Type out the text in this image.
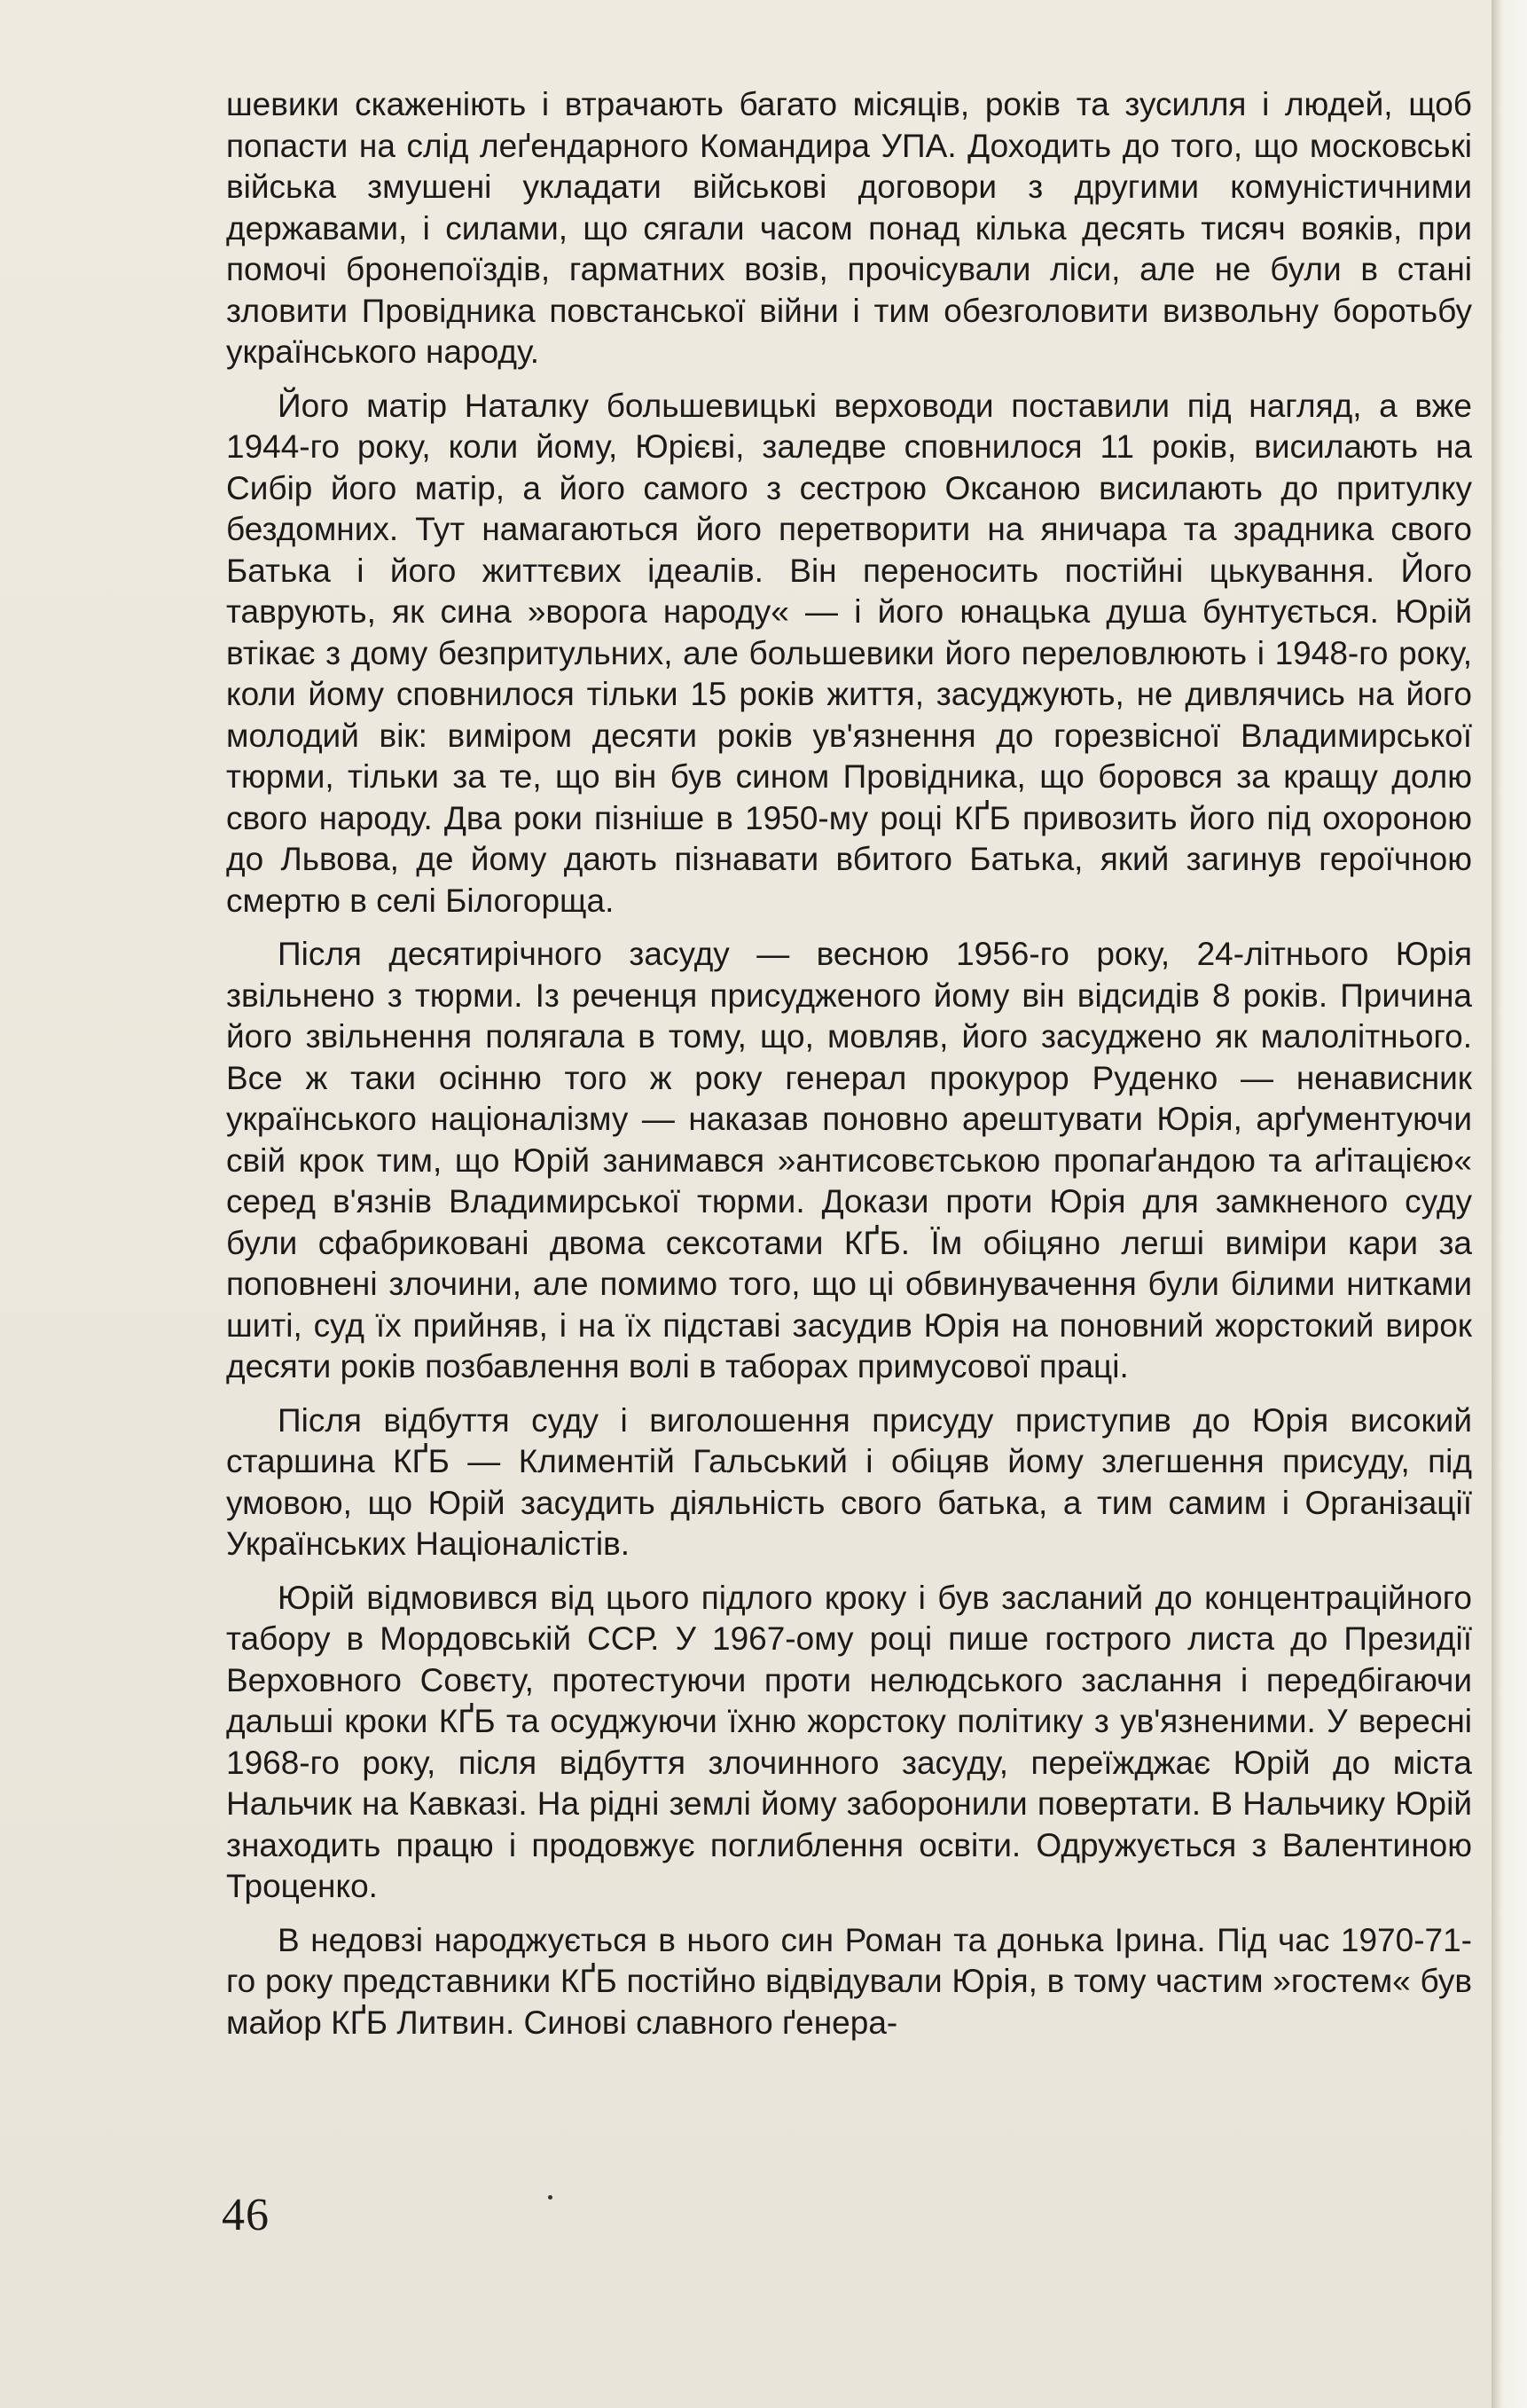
шевики скаженіють і втрачають багато місяців, років та зусилля і людей, щоб попасти на слід леґендарного Командира УПА. Доходить до того, що московські війська змушені укладати військові договори з другими комуністичними державами, і силами, що сягали часом понад кілька десять тисяч вояків, при помочі бронепоїздів, гарматних возів, прочісували ліси, але не були в стані зловити Провідника повстанської війни і тим обезголовити визвольну боротьбу українського народу.

Його матір Наталку большевицькі верховоди поставили під нагляд, а вже 1944-го року, коли йому, Юрієві, заледве сповнилося 11 років, висилають на Сибір його матір, а його самого з сестрою Оксаною висилають до притулку бездомних. Тут намагаються його перетворити на яничара та зрадника свого Батька і його життєвих ідеалів. Він переносить постійні цькування. Його таврують, як сина »ворога народу« — і його юнацька душа бунтується. Юрій втікає з дому безпритульних, але большевики його переловлюють і 1948-го року, коли йому сповнилося тільки 15 років життя, засуджують, не дивлячись на його молодий вік: виміром десяти років ув'язнення до горезвісної Владимирської тюрми, тільки за те, що він був сином Провідника, що боровся за кращу долю свого народу. Два роки пізніше в 1950-му році КҐБ привозить його під охороною до Львова, де йому дають пізнавати вбитого Батька, який загинув героїчною смертю в селі Білогорща.

Після десятирічного засуду — весною 1956-го року, 24-літнього Юрія звільнено з тюрми. Із реченця присудженого йому він відсидів 8 років. Причина його звільнення полягала в тому, що, мовляв, його засуджено як малолітнього. Все ж таки осінню того ж року генерал прокурор Руденко — ненависник українського націоналізму — наказав поновно арештувати Юрія, арґументуючи свій крок тим, що Юрій занимався »антисовєтською пропаґандою та аґітацією« серед в'язнів Владимирської тюрми. Докази проти Юрія для замкненого суду були сфабриковані двома сексотами КҐБ. Їм обіцяно легші виміри кари за поповнені злочини, але помимо того, що ці обвинувачення були білими нитками шиті, суд їх прийняв, і на їх підставі засудив Юрія на поновний жорстокий вирок десяти років позбавлення волі в таборах примусової праці.

Після відбуття суду і виголошення присуду приступив до Юрія високий старшина КҐБ — Климентій Гальський і обіцяв йому злегшення присуду, під умовою, що Юрій засудить діяльність свого батька, а тим самим і Організації Українських Націоналістів.

Юрій відмовився від цього підлого кроку і був засланий до концентраційного табору в Мордовській ССР. У 1967-ому році пише гострого листа до Президії Верховного Совєту, протестуючи проти нелюдського заслання і передбігаючи дальші кроки КҐБ та осуджуючи їхню жорстоку політику з ув'язненими. У вересні 1968-го року, після відбуття злочинного засуду, переїжджає Юрій до міста Нальчик на Кавказі. На рідні землі йому заборонили повертати. В Нальчику Юрій знаходить працю і продовжує поглиблення освіти. Одружується з Валентиною Троценко.

В недовзі народжується в нього син Роман та донька Ірина. Під час 1970-71-го року представники КҐБ постійно відвідували Юрія, в тому частим »гостем« був майор КҐБ Литвин. Синові славного ґенера-

46
